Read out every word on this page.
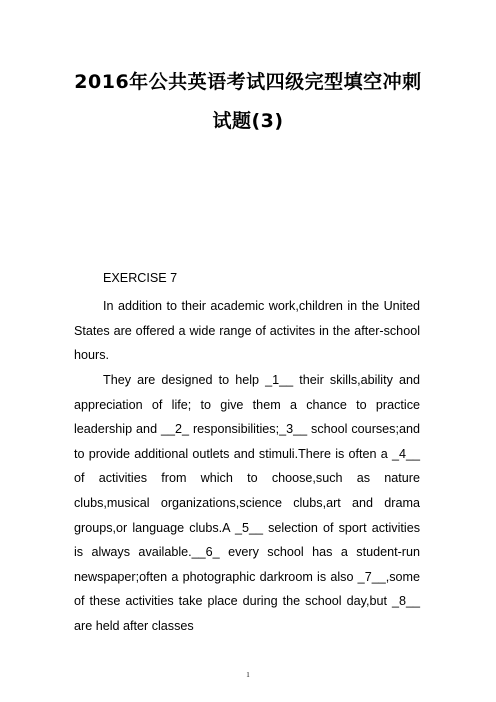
2016年公共英语考试四级完型填空冲刺
试题(3)
EXERCISE 7

In addition to their academic work,children in the United States are offered a wide range of activites in the after-school hours.

They are designed to help _1__ their skills,ability and appreciation of life; to give them a chance to practice leadership and __2_ responsibilities;_3__ school courses;and to provide additional outlets and stimuli.There is often a _4__ of activities from which to choose,such as nature clubs,musical organizations,science clubs,art and drama groups,or language clubs.A _5__ selection of sport activities is always available.__6_ every school has a student-run newspaper;often a photographic darkroom is also _7__,some of these activities take place during the school day,but _8__ are held after classes

1
